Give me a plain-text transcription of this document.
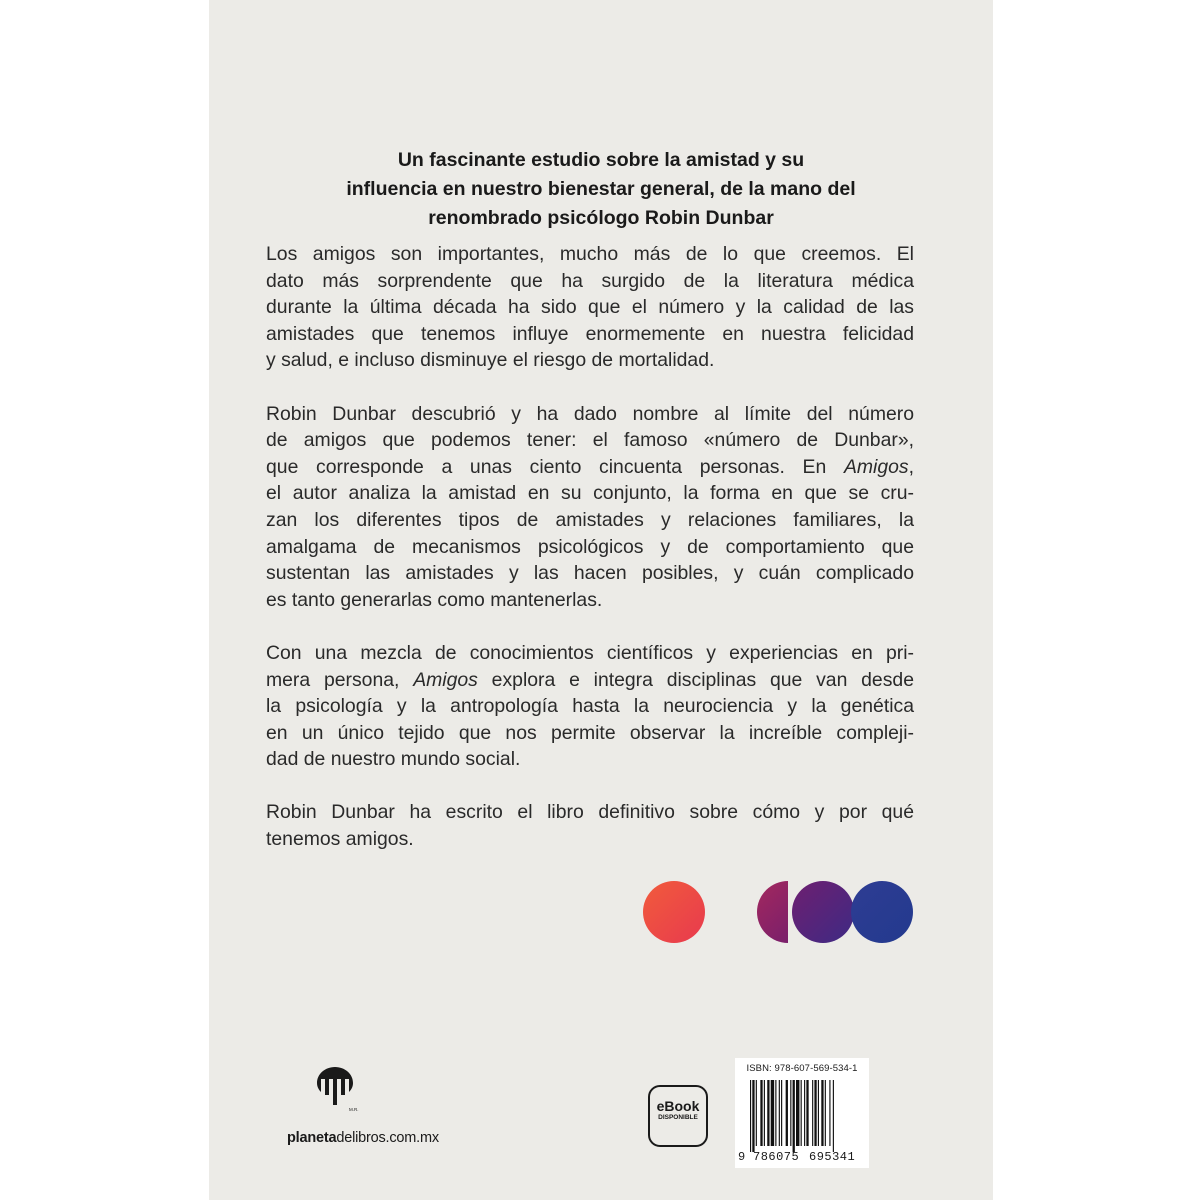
Un fascinante estudio sobre la amistad y su
influencia en nuestro bienestar general, de la mano del
renombrado psicólogo Robin Dunbar

Los amigos son importantes, mucho más de lo que creemos. El
dato más sorprendente que ha surgido de la literatura médica
durante la última década ha sido que el número y la calidad de las
amistades que tenemos influye enormemente en nuestra felicidad
y salud, e incluso disminuye el riesgo de mortalidad.

Robin Dunbar descubrió y ha dado nombre al límite del número
de amigos que podemos tener: el famoso «número de Dunbar»,
que corresponde a unas ciento cincuenta personas. En Amigos,
el autor analiza la amistad en su conjunto, la forma en que se cru-
zan los diferentes tipos de amistades y relaciones familiares, la
amalgama de mecanismos psicológicos y de comportamiento que
sustentan las amistades y las hacen posibles, y cuán complicado
es tanto generarlas como mantenerlas.

Con una mezcla de conocimientos científicos y experiencias en pri-
mera persona, Amigos explora e integra disciplinas que van desde
la psicología y la antropología hasta la neurociencia y la genética
en un único tejido que nos permite observar la increíble compleji-
dad de nuestro mundo social.

Robin Dunbar ha escrito el libro definitivo sobre cómo y por qué
tenemos amigos.

M.R.
planetadelibros.com.mx
eBook
DISPONIBLE
ISBN: 978-607-569-534-1
9 786075 695341
